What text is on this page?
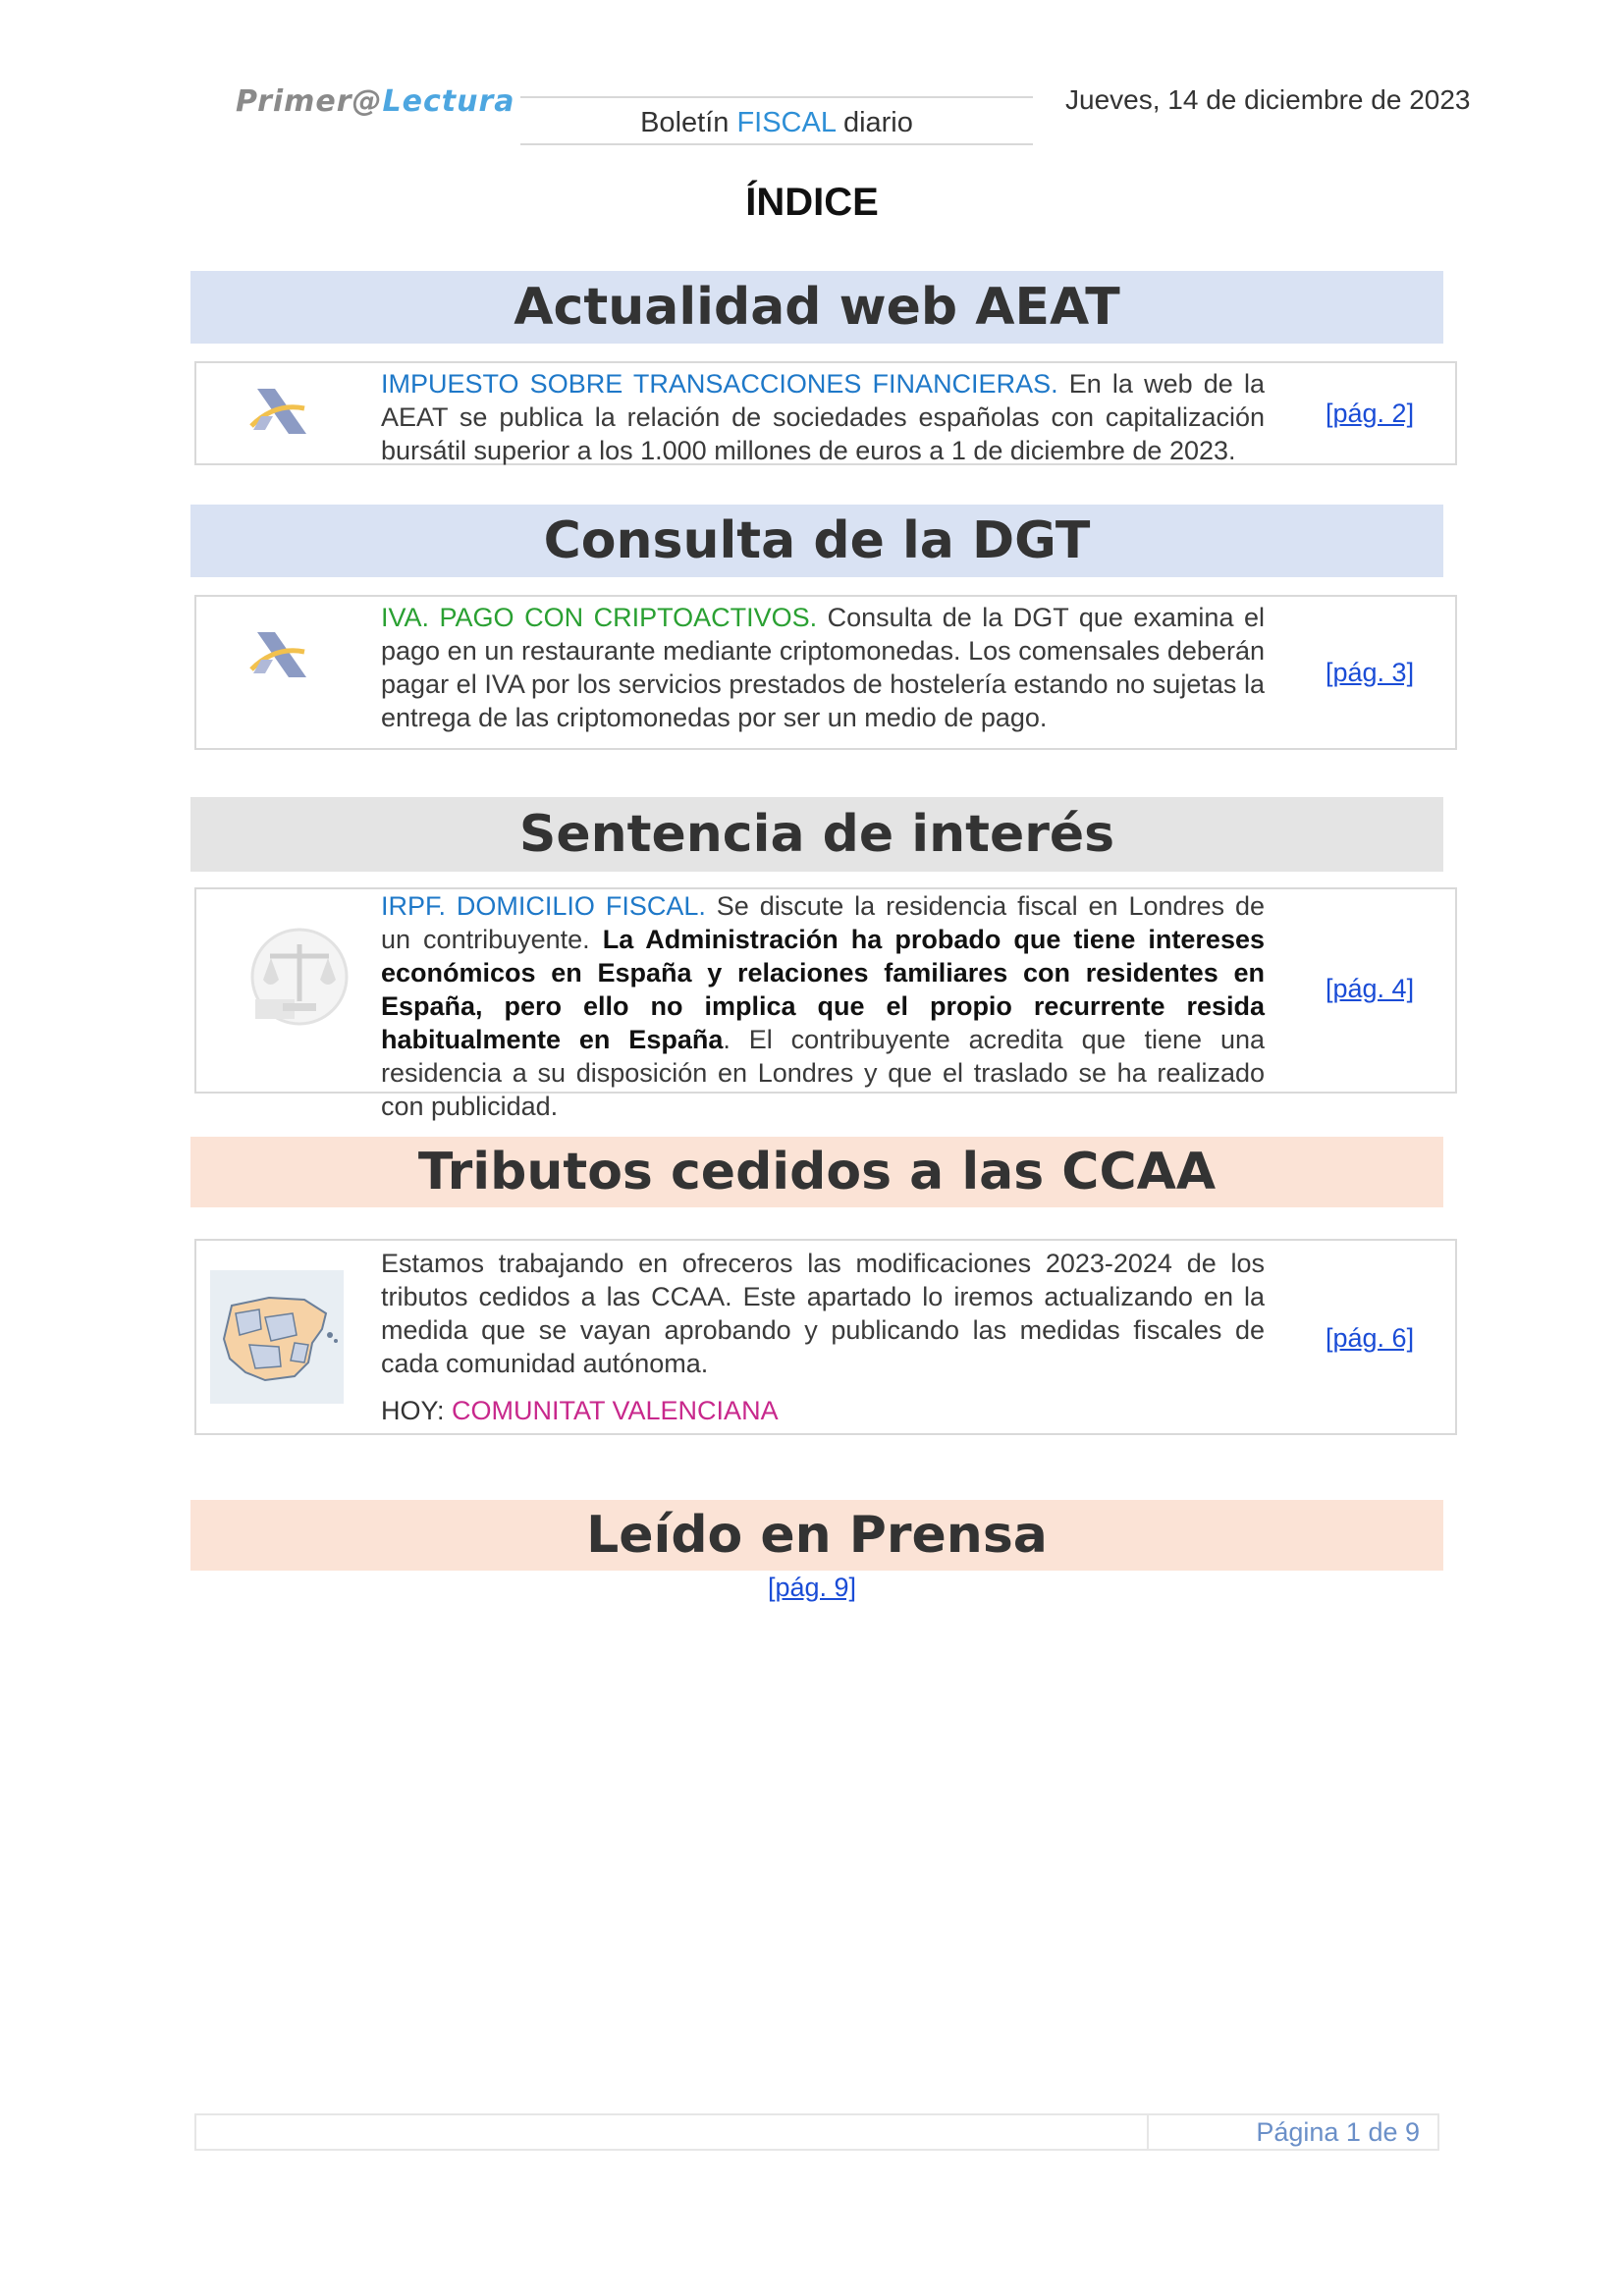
Primer@Lectura
Boletín FISCAL diario
Jueves, 14 de diciembre de 2023
ÍNDICE
Actualidad web AEAT
IMPUESTO SOBRE TRANSACCIONES FINANCIERAS. En la web de la AEAT se publica la relación de sociedades españolas con capitalización bursátil superior a los 1.000 millones de euros a 1 de diciembre de 2023.
[pág. 2]
Consulta de la DGT
IVA. PAGO CON CRIPTOACTIVOS. Consulta de la DGT que examina el pago en un restaurante mediante criptomonedas. Los comensales deberán pagar el IVA por los servicios prestados de hostelería estando no sujetas la entrega de las criptomonedas por ser un medio de pago.
[pág. 3]
Sentencia de interés
IRPF. DOMICILIO FISCAL. Se discute la residencia fiscal en Londres de un contribuyente. La Administración ha probado que tiene intereses económicos en España y relaciones familiares con residentes en España, pero ello no implica que el propio recurrente resida habitualmente en España. El contribuyente acredita que tiene una residencia a su disposición en Londres y que el traslado se ha realizado con publicidad.
[pág. 4]
Tributos cedidos a las CCAA
Estamos trabajando en ofreceros las modificaciones 2023-2024 de los tributos cedidos a las CCAA. Este apartado lo iremos actualizando en la medida que se vayan aprobando y publicando las medidas fiscales de cada comunidad autónoma.
HOY: COMUNITAT VALENCIANA
[pág. 6]
Leído en Prensa
[pág. 9]
Página 1 de 9
